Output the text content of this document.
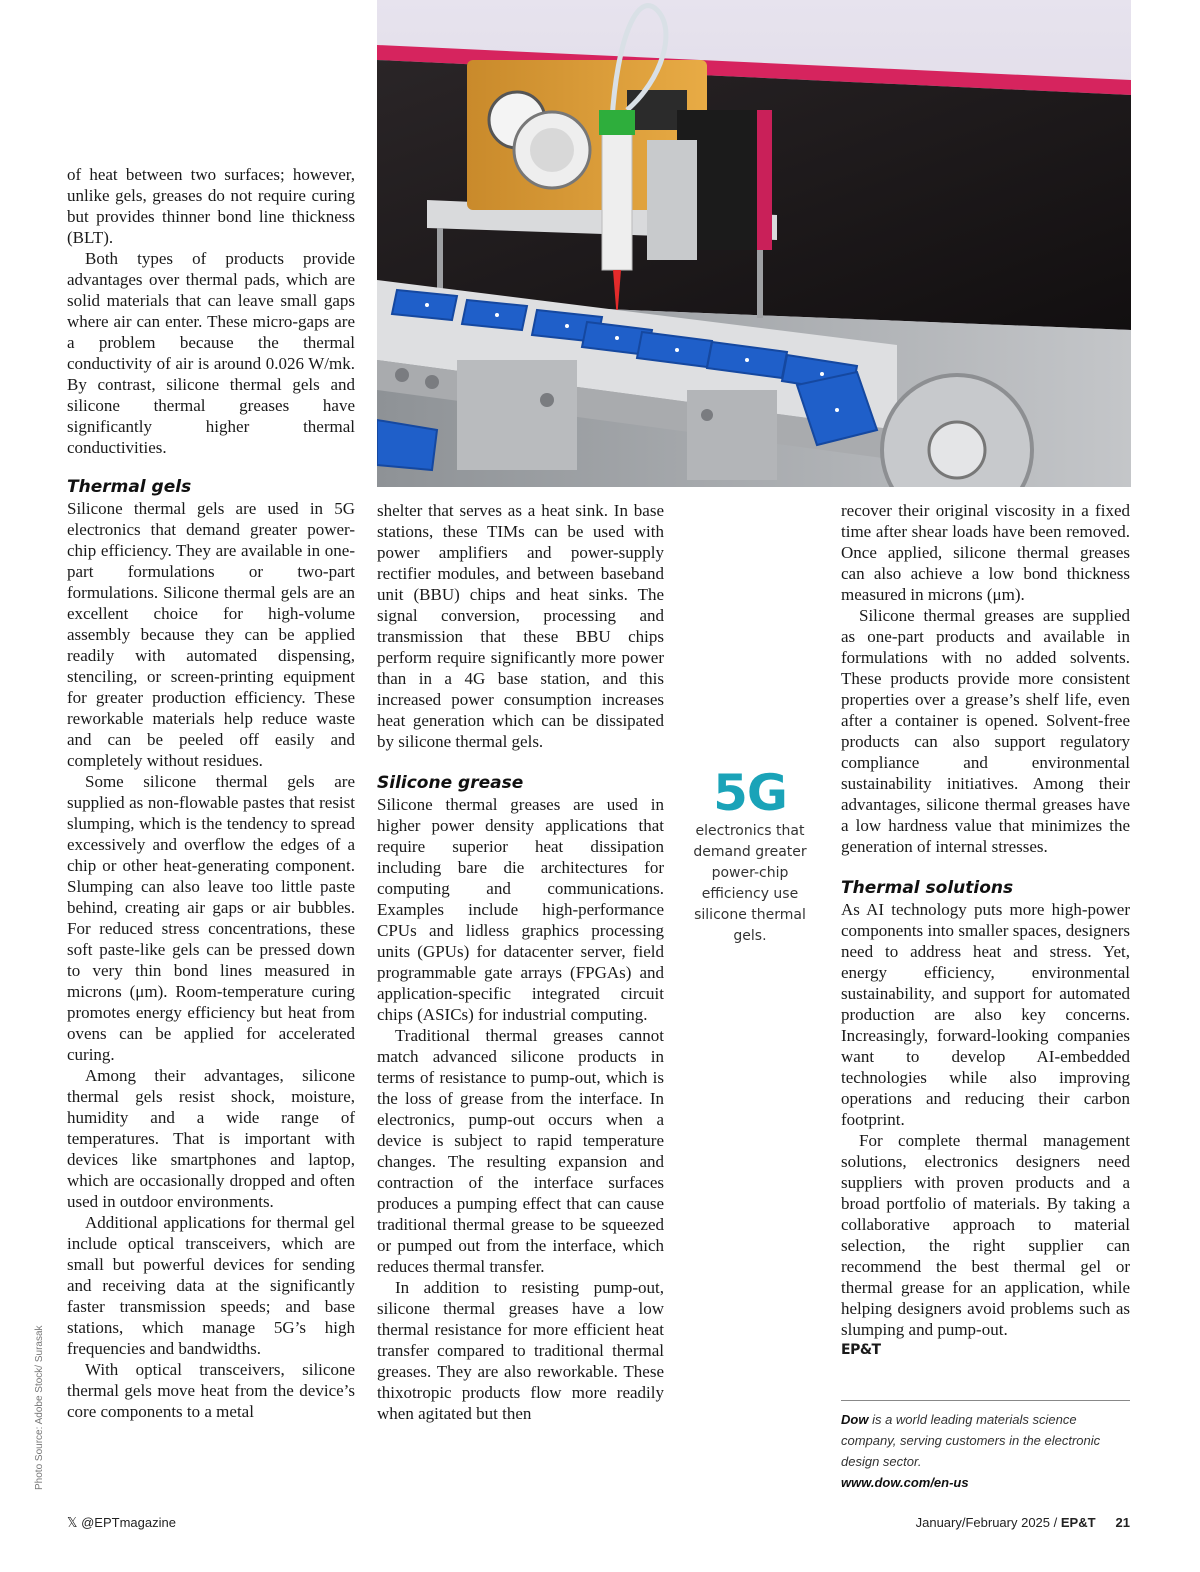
of heat between two surfaces; however, unlike gels, greases do not require curing but provides thinner bond line thickness (BLT).

Both types of products provide advantages over thermal pads, which are solid materials that can leave small gaps where air can enter. These micro-gaps are a problem because the thermal conductivity of air is around 0.026 W/mk. By contrast, silicone thermal gels and silicone thermal greases have significantly higher thermal conductivities.

Thermal gels

Silicone thermal gels are used in 5G electronics that demand greater power-chip efficiency. They are available in one-part formulations or two-part formulations. Silicone thermal gels are an excellent choice for high-volume assembly because they can be applied readily with automated dispensing, stenciling, or screen-printing equipment for greater production efficiency. These reworkable materials help reduce waste and can be peeled off easily and completely without residues.

Some silicone thermal gels are supplied as non-flowable pastes that resist slumping, which is the tendency to spread excessively and overflow the edges of a chip or other heat-generating component. Slumping can also leave too little paste behind, creating air gaps or air bubbles. For reduced stress concentrations, these soft paste-like gels can be pressed down to very thin bond lines measured in microns (μm). Room-temperature curing promotes energy efficiency but heat from ovens can be applied for accelerated curing.

Among their advantages, silicone thermal gels resist shock, moisture, humidity and a wide range of temperatures. That is important with devices like smartphones and laptop, which are occasionally dropped and often used in outdoor environments.

Additional applications for thermal gel include optical transceivers, which are small but powerful devices for sending and receiving data at the significantly faster transmission speeds; and base stations, which manage 5G’s high frequencies and bandwidths.

With optical transceivers, silicone thermal gels move heat from the device’s core components to a metal

shelter that serves as a heat sink. In base stations, these TIMs can be used with power amplifiers and power-supply rectifier modules, and between baseband unit (BBU) chips and heat sinks. The signal conversion, processing and transmission that these BBU chips perform require significantly more power than in a 4G base station, and this increased power consumption increases heat generation which can be dissipated by silicone thermal gels.

Silicone grease

Silicone thermal greases are used in higher power density applications that require superior heat dissipation including bare die architectures for computing and communications. Examples include high-performance CPUs and lidless graphics processing units (GPUs) for datacenter server, field programmable gate arrays (FPGAs) and application-specific integrated circuit chips (ASICs) for industrial computing.

Traditional thermal greases cannot match advanced silicone products in terms of resistance to pump-out, which is the loss of grease from the interface. In electronics, pump-out occurs when a device is subject to rapid temperature changes. The resulting expansion and contraction of the interface surfaces produces a pumping effect that can cause traditional thermal grease to be squeezed or pumped out from the interface, which reduces thermal transfer.

In addition to resisting pump-out, silicone thermal greases have a low thermal resistance for more efficient heat transfer compared to traditional thermal greases. They are also reworkable. These thixotropic products flow more readily when agitated but then

5G
electronics that demand greater power-chip efficiency use silicone thermal gels.

recover their original viscosity in a fixed time after shear loads have been removed. Once applied, silicone thermal greases can also achieve a low bond thickness measured in microns (μm).

Silicone thermal greases are supplied as one-part products and available in formulations with no added solvents. These products provide more consistent properties over a grease’s shelf life, even after a container is opened. Solvent-free products can also support regulatory compliance and environmental sustainability initiatives. Among their advantages, silicone thermal greases have a low hardness value that minimizes the generation of internal stresses.

Thermal solutions

As AI technology puts more high-power components into smaller spaces, designers need to address heat and stress. Yet, energy efficiency, environmental sustainability, and support for automated production are also key concerns. Increasingly, forward-looking companies want to develop AI-embedded technologies while also improving operations and reducing their carbon footprint.

For complete thermal management solutions, electronics designers need suppliers with proven products and a broad portfolio of materials. By taking a collaborative approach to material selection, the right supplier can recommend the best thermal gel or thermal grease for an application, while helping designers avoid problems such as slumping and pump-out.

EP&T
Dow is a world leading materials science company, serving customers in the electronic design sector.
www.dow.com/en-us
Photo Source: Adobe Stock/ Surasak
𝕏 @EPTmagazine	January/February 2025 / EP&T 21
